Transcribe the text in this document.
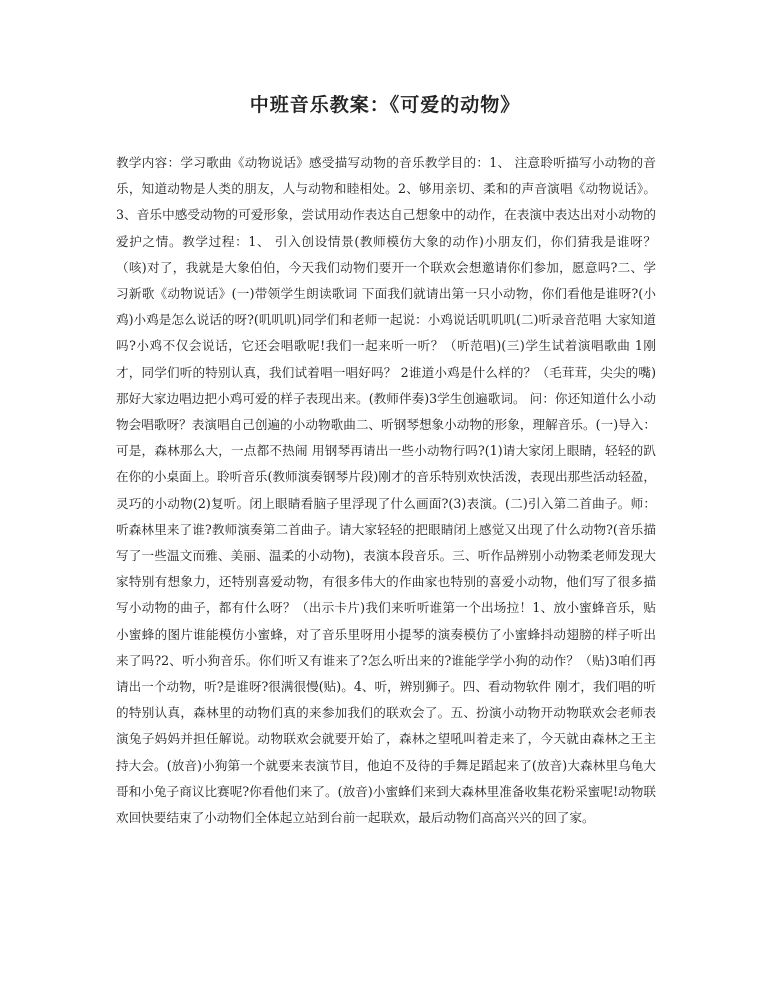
中班音乐教案：《可爱的动物》

教学内容：学习歌曲《动物说话》感受描写动物的音乐教学目的：1、 注意聆听描写小动物的音乐，知道动物是人类的朋友，人与动物和睦相处。2、够用亲切、柔和的声音演唱《动物说话》。3、音乐中感受动物的可爱形象，尝试用动作表达自己想象中的动作，在表演中表达出对小动物的爱护之情。教学过程：1、 引入创设情景(教师模仿大象的动作)小朋友们，你们猜我是谁呀？（咳)对了，我就是大象伯伯，今天我们动物们要开一个联欢会想邀请你们参加，愿意吗?二、学习新歌《动物说话》(一)带领学生朗读歌词 下面我们就请出第一只小动物，你们看他是谁呀?(小鸡)小鸡是怎么说话的呀?(叽叽叽)同学们和老师一起说：小鸡说话叽叽叽(二)听录音范唱 大家知道吗?小鸡不仅会说话，它还会唱歌呢!我们一起来听一听？（听范唱)(三)学生试着演唱歌曲 1刚才，同学们听的特别认真，我们试着唱一唱好吗？ 2谁道小鸡是什么样的？（毛茸茸，尖尖的嘴)那好大家边唱边把小鸡可爱的样子表现出来。(教师伴奏)3学生创遍歌词。 问：你还知道什么小动物会唱歌呀？表演唱自己创遍的小动物歌曲二、听钢琴想象小动物的形象，理解音乐。(一)导入：可是，森林那么大，一点都不热闹 用钢琴再请出一些小动物行吗?(1)请大家闭上眼睛，轻轻的趴在你的小桌面上。聆听音乐(教师演奏钢琴片段)刚才的音乐特别欢快活泼，表现出那些活动轻盈，灵巧的小动物(2)复听。闭上眼睛看脑子里浮现了什么画面?(3)表演。(二)引入第二首曲子。师：听森林里来了谁?教师演奏第二首曲子。请大家轻轻的把眼睛闭上感觉又出现了什么动物?(音乐描写了一些温文而雅、美丽、温柔的小动物)，表演本段音乐。三、听作品辨别小动物柔老师发现大家特别有想象力，还特别喜爱动物，有很多伟大的作曲家也特别的喜爱小动物，他们写了很多描写小动物的曲子，都有什么呀？（出示卡片)我们来听听谁第一个出场拉！1、放小蜜蜂音乐，贴小蜜蜂的图片谁能模仿小蜜蜂，对了音乐里呀用小提琴的演奏模仿了小蜜蜂抖动翅膀的样子听出来了吗?2、听小狗音乐。你们听又有谁来了?怎么听出来的?谁能学学小狗的动作？（贴)3咱们再请出一个动物，听?是谁呀?很满很慢(贴)。4、听，辨别狮子。四、看动物软件 刚才，我们唱的听的特别认真，森林里的动物们真的来参加我们的联欢会了。五、扮演小动物开动物联欢会老师表演兔子妈妈并担任解说。动物联欢会就要开始了，森林之望吼叫着走来了，今天就由森林之王主持大会。(放音)小狗第一个就要来表演节目，他迫不及待的手舞足蹈起来了(放音)大森林里乌龟大哥和小兔子商议比赛呢?你看他们来了。(放音)小蜜蜂们来到大森林里准备收集花粉采蜜呢!动物联欢回快要结束了小动物们全体起立站到台前一起联欢，最后动物们高高兴兴的回了家。
